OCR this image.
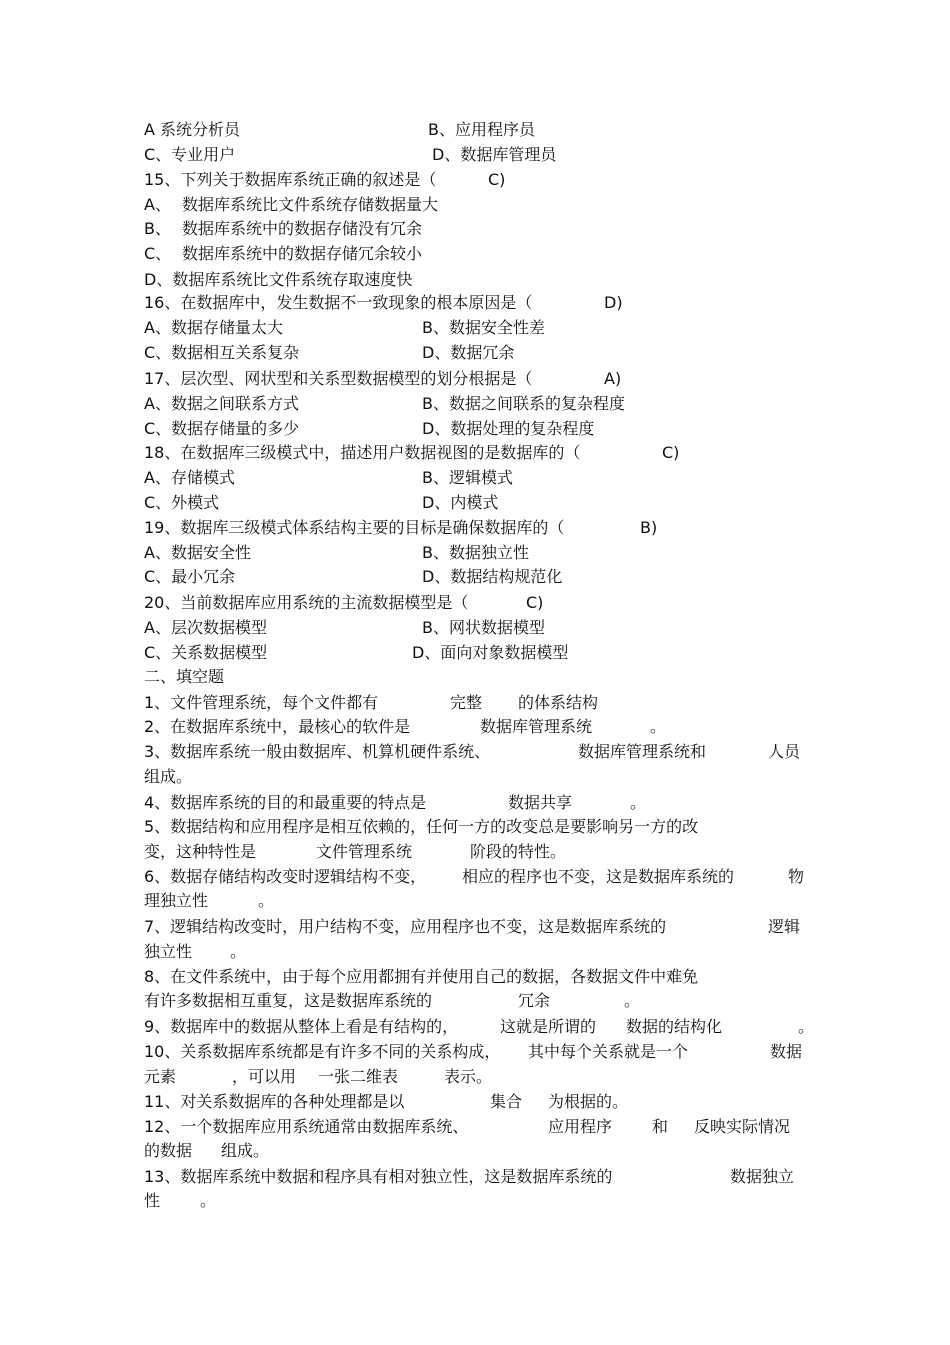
A 系统分析员	B、应用程序员
C、专业用户	D、数据库管理员
15、下列关于数据库系统正确的叙述是（	C)
A、 数据库系统比文件系统存储数据量大
B、 数据库系统中的数据存储没有冗余
C、 数据库系统中的数据存储冗余较小
D、数据库系统比文件系统存取速度快
16、在数据库中，发生数据不一致现象的根本原因是（	D)
A、数据存储量太大	B、数据安全性差
C、数据相互关系复杂	D、数据冗余
17、层次型、网状型和关系型数据模型的划分根据是（	A)
A、数据之间联系方式	B、数据之间联系的复杂程度
C、数据存储量的多少	D、数据处理的复杂程度
18、在数据库三级模式中，描述用户数据视图的是数据库的（	C)
A、存储模式	B、逻辑模式
C、外模式	D、内模式
19、数据库三级模式体系结构主要的目标是确保数据库的（	B)
A、数据安全性	B、数据独立性
C、最小冗余	D、数据结构规范化
20、当前数据库应用系统的主流数据模型是（	C)
A、层次数据模型	B、网状数据模型
C、关系数据模型	D、面向对象数据模型
二、填空题
1、文件管理系统，每个文件都有	完整 的体系结构
2、在数据库系统中，最核心的软件是	数据库管理系统	。
3、数据库系统一般由数据库、机算机硬件系统、	数据库管理系统和	人员
组成。
4、数据库系统的目的和最重要的特点是	数据共享	。
5、数据结构和应用程序是相互依赖的，任何一方的改变总是要影响另一方的改
变，这种特性是	文件管理系统	阶段的特性。
6、数据存储结构改变时逻辑结构不变， 相应的程序也不变，这是数据库系统的	物
理独立性	。
7、逻辑结构改变时，用户结构不变，应用程序也不变，这是数据库系统的	逻辑
独立性 。
8、在文件系统中，由于每个应用都拥有并使用自己的数据，各数据文件中难免
有许多数据相互重复，这是数据库系统的	冗余	。
9、数据库中的数据从整体上看是有结构的，	这就是所谓的 数据的结构化	。
10、关系数据库系统都是有许多不同的关系构成， 其中每个关系就是一个	数据
元素	，可以用 一张二维表	表示。
11、对关系数据库的各种处理都是以	集合 为根据的。
12、一个数据库应用系统通常由数据库系统、	应用程序 和 反映实际情况
的数据 组成。
13、数据库系统中数据和程序具有相对独立性，这是数据库系统的	数据独立
性 。
